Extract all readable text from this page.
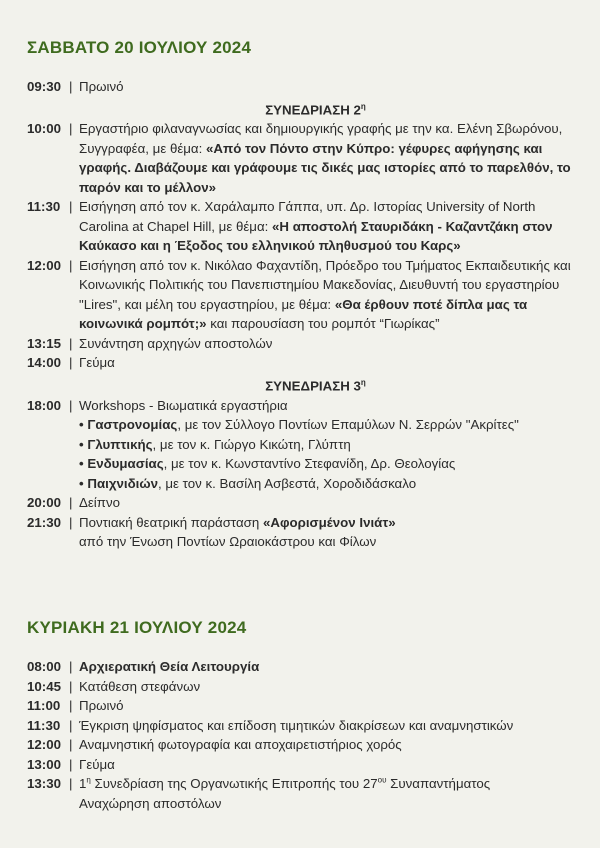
ΣΑΒΒΑΤΟ 20 ΙΟΥΛΙΟΥ 2024
09:30 | Πρωινό
ΣΥΝΕΔΡΙΑΣΗ $2^\eta$
10:00 | Εργαστήριο φιλαναγνωσίας και δημιουργικής γραφής με την κα. Ελένη Σβωρόνου, Συγγραφέα, με θέμα: «Από τον Πόντο στην Κύπρο: γέφυρες αφήγησης και γραφής. Διαβάζουμε και γράφουμε τις δικές μας ιστορίες από το παρελθόν, το παρόν και το μέλλον»
11:30 | Εισήγηση από τον κ. Χαράλαμπο Γάππα, υπ. Δρ. Ιστορίας University of North Carolina at Chapel Hill, με θέμα: «Η αποστολή Σταυριδάκη - Καζαντζάκη στον Καύκασο και η Έξοδος του ελληνικού πληθυσμού του Καρς»
12:00 | Εισήγηση από τον κ. Νικόλαο Φαχαντίδη, Πρόεδρο του Τμήματος Εκπαιδευτικής και Κοινωνικής Πολιτικής του Πανεπιστημίου Μακεδονίας, Διευθυντή του εργαστηρίου "Lires", και μέλη του εργαστηρίου, με θέμα: «Θα έρθουν ποτέ δίπλα μας τα κοινωνικά ρομπότ;» και παρουσίαση του ρομπότ “Γιωρίκας”
13:15 | Συνάντηση αρχηγών αποστολών
14:00 | Γεύμα
ΣΥΝΕΔΡΙΑΣΗ $3^\eta$
18:00 | Workshops - Βιωματικά εργαστήρια
• Γαστρονομίας, με τον Σύλλογο Ποντίων Επαμύλων Ν. Σερρών "Ακρίτες"
• Γλυπτικής, με τον κ. Γιώργο Κικώτη, Γλύπτη
• Ενδυμασίας, με τον κ. Κωνσταντίνο Στεφανίδη, Δρ. Θεολογίας
• Παιχνιδιών, με τον κ. Βασίλη Ασβεστά, Χοροδιδάσκαλο
20:00 | Δείπνο
21:30 | Ποντιακή θεατρική παράσταση «Αφορισμένον Ινιάτ»
από την Ένωση Ποντίων Ωραιοκάστρου και Φίλων
ΚΥΡΙΑΚΗ 21 ΙΟΥΛΙΟΥ 2024
08:00 | Αρχιερατική Θεία Λειτουργία
10:45 | Κατάθεση στεφάνων
11:00 | Πρωινό
11:30 | Έγκριση ψηφίσματος και επίδοση τιμητικών διακρίσεων και αναμνηστικών
12:00 | Αναμνηστική φωτογραφία και αποχαιρετιστήριος χορός
13:00 | Γεύμα
13:30 | $1^\eta$ Συνεδρίαση της Οργανωτικής Επιτροπής του $27^{o\upsilon}$ Συναπαντήματος
Αναχώρηση αποστόλων
